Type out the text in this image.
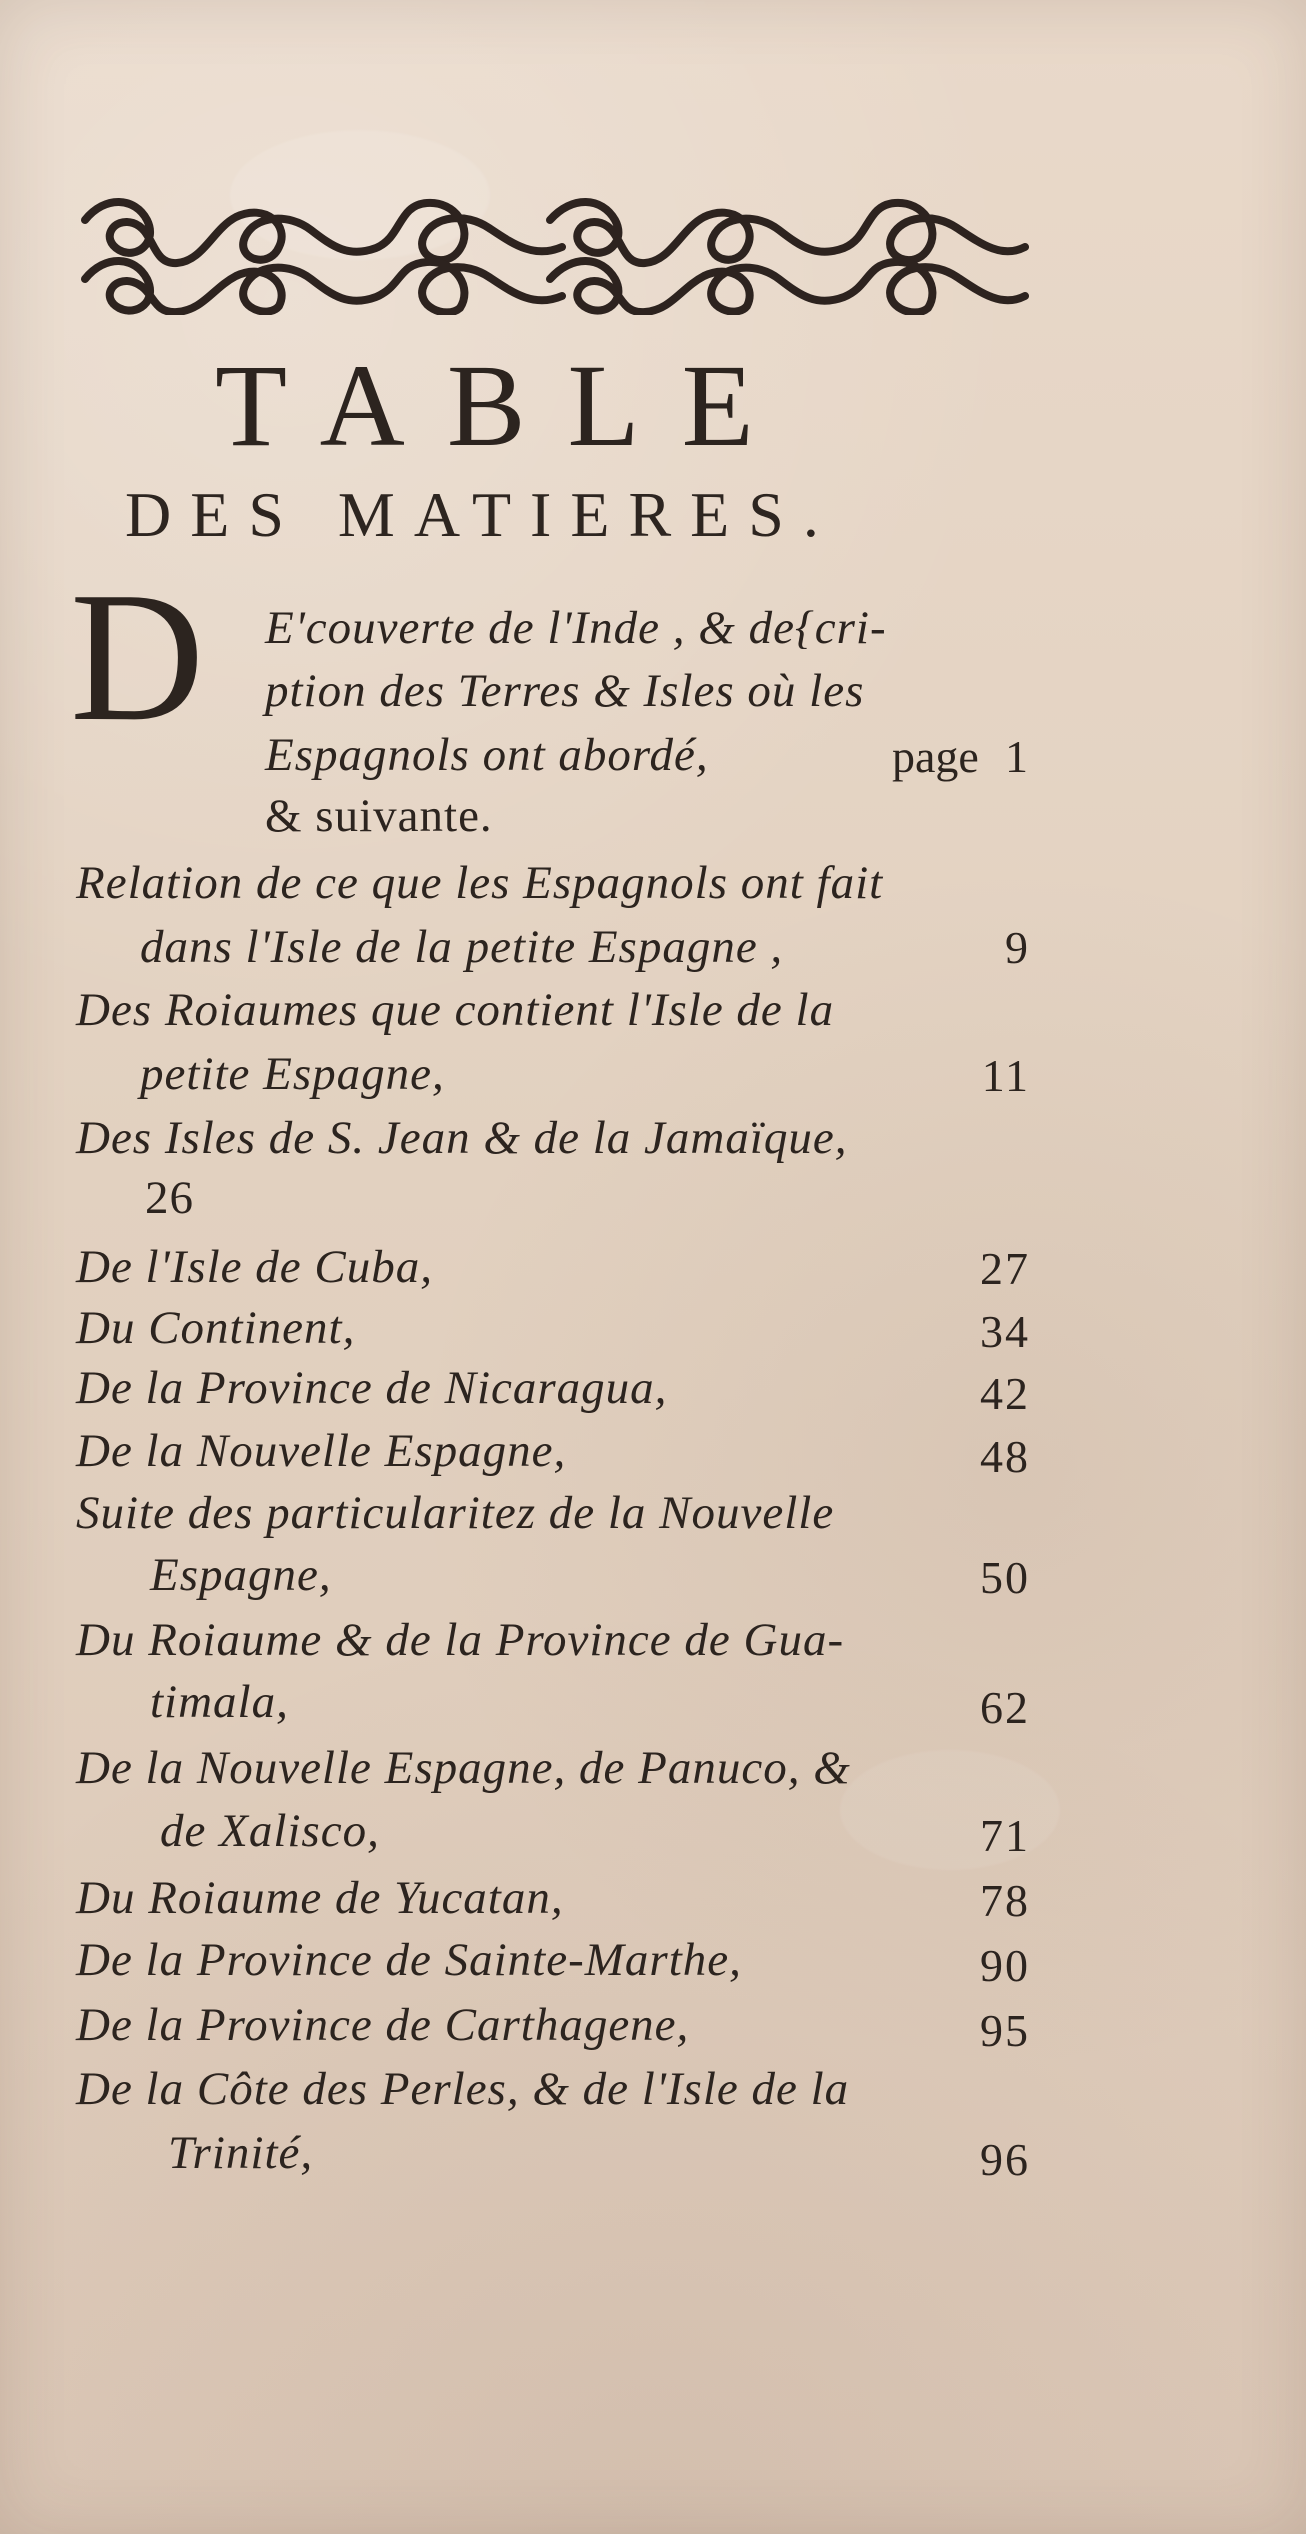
TABLE
DES MATIERES.
D E'couverte de l'Inde , & de{cri-
ption des Terres & Isles où les
Espagnols ont abordé,	page 1
& suivante.
Relation de ce que les Espagnols ont fait
dans l'Isle de la petite Espagne ,	9
Des Roiaumes que contient l'Isle de la
petite Espagne,	11
Des Isles de S. Jean & de la Jamaïque,
26
De l'Isle de Cuba,	27
Du Continent,	34
De la Province de Nicaragua,	42
De la Nouvelle Espagne,	48
Suite des particularitez de la Nouvelle
Espagne,	50
Du Roiaume & de la Province de Gua-
timala,	62
De la Nouvelle Espagne, de Panuco, &
de Xalisco,	71
Du Roiaume de Yucatan,	78
De la Province de Sainte-Marthe,	90
De la Province de Carthagene,	95
De la Côte des Perles, & de l'Isle de la
Trinité,	96
